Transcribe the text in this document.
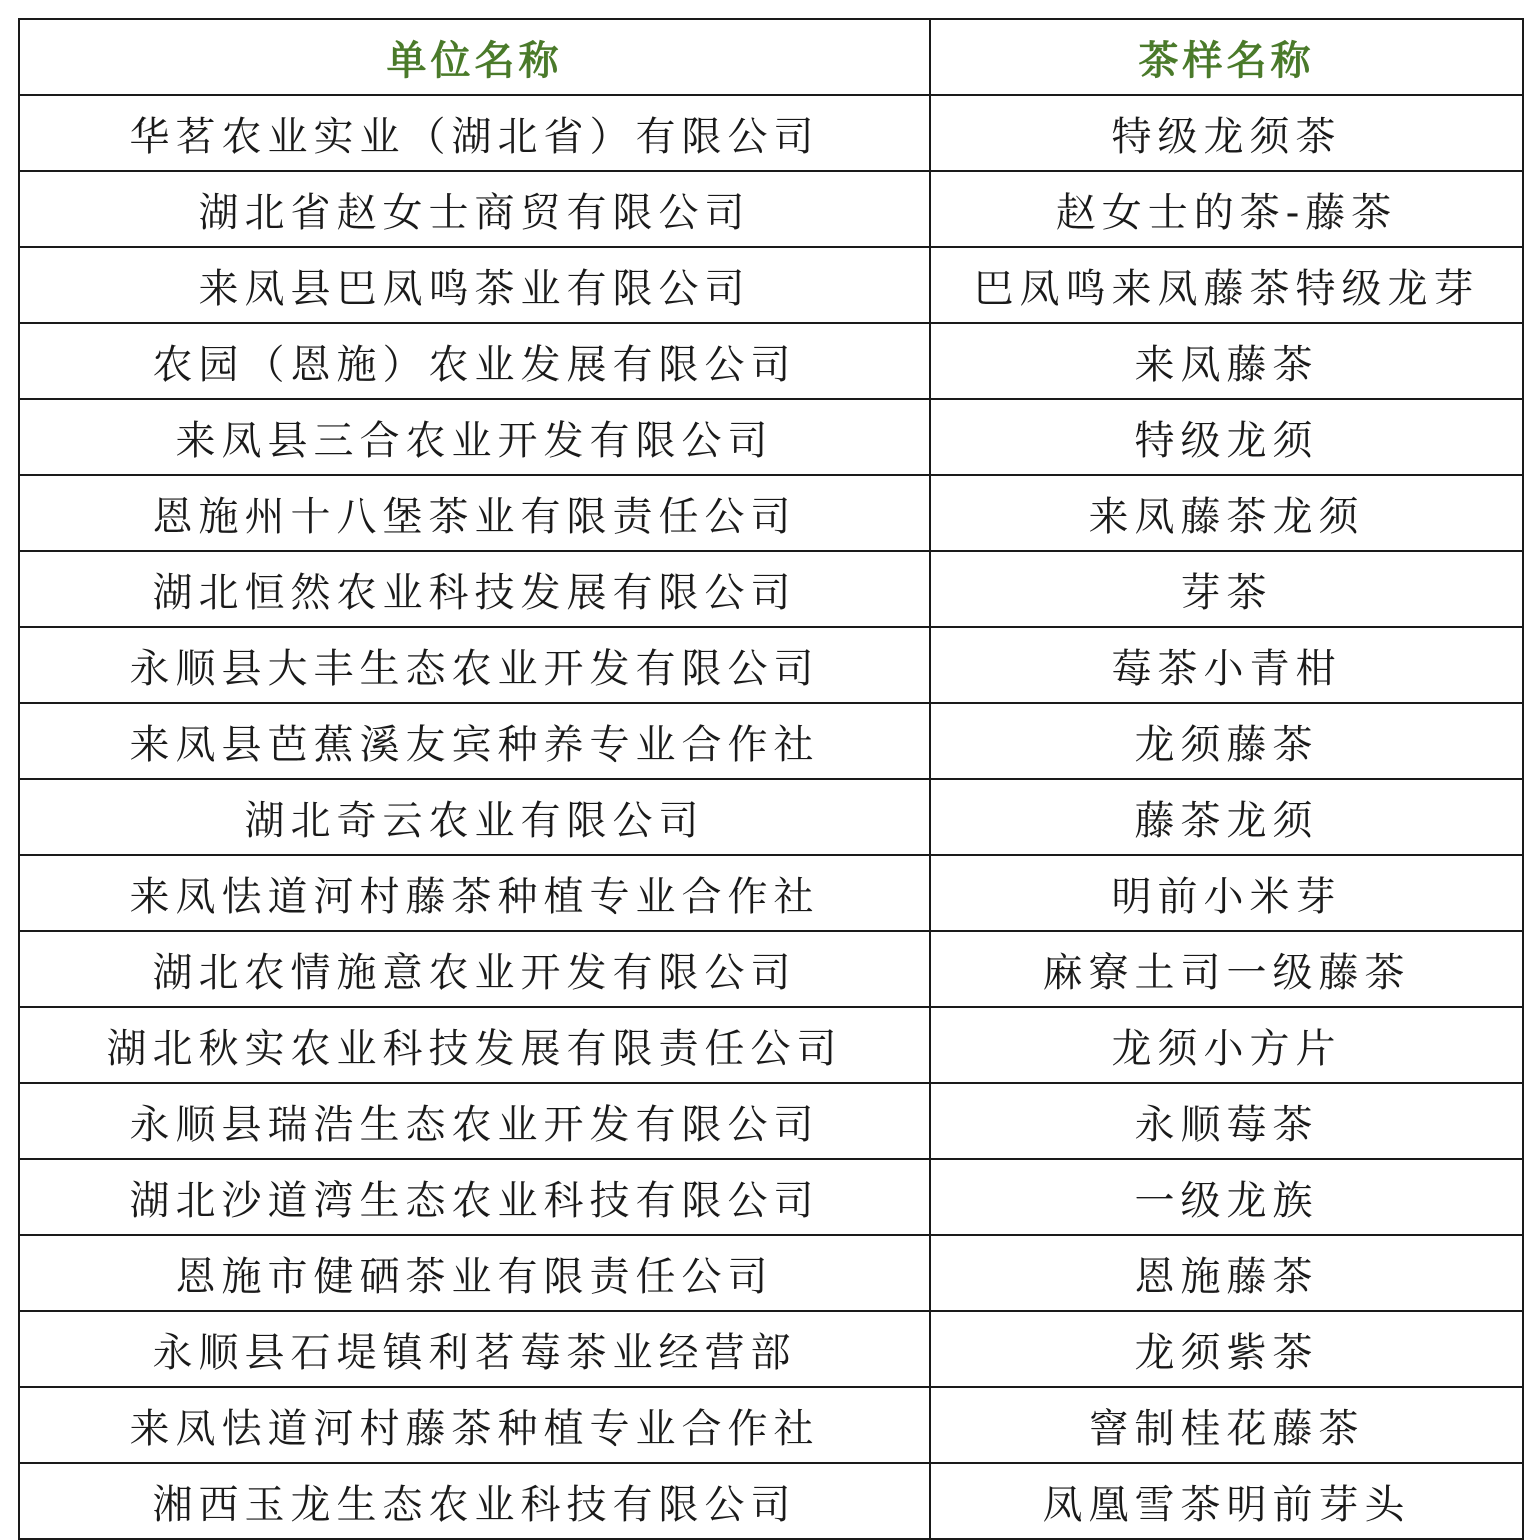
单位名称	茶样名称
华茗农业实业（湖北省）有限公司	特级龙须茶
湖北省赵女士商贸有限公司	赵女士的茶-藤茶
来凤县巴凤鸣茶业有限公司	巴凤鸣来凤藤茶特级龙芽
农园（恩施）农业发展有限公司	来凤藤茶
来凤县三合农业开发有限公司	特级龙须
恩施州十八堡茶业有限责任公司	来凤藤茶龙须
湖北恒然农业科技发展有限公司	芽茶
永顺县大丰生态农业开发有限公司	莓茶小青柑
来凤县芭蕉溪友宾种养专业合作社	龙须藤茶
湖北奇云农业有限公司	藤茶龙须
来凤怯道河村藤茶种植专业合作社	明前小米芽
湖北农情施意农业开发有限公司	麻寮土司一级藤茶
湖北秋实农业科技发展有限责任公司	龙须小方片
永顺县瑞浩生态农业开发有限公司	永顺莓茶
湖北沙道湾生态农业科技有限公司	一级龙族
恩施市健硒茶业有限责任公司	恩施藤茶
永顺县石堤镇利茗莓茶业经营部	龙须紫茶
来凤怯道河村藤茶种植专业合作社	窨制桂花藤茶
湘西玉龙生态农业科技有限公司	凤凰雪茶明前芽头
